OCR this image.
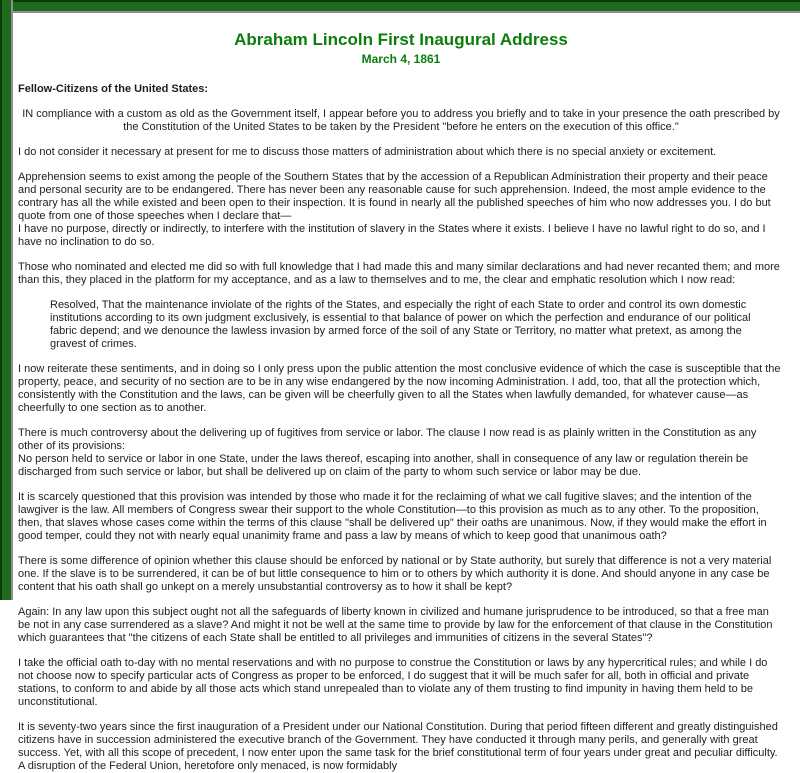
Abraham Lincoln First Inaugural Address
March 4, 1861
Fellow-Citizens of the United States:
IN compliance with a custom as old as the Government itself, I appear before you to address you briefly and to take in your presence the oath prescribed by the Constitution of the United States to be taken by the President "before he enters on the execution of this office."
I do not consider it necessary at present for me to discuss those matters of administration about which there is no special anxiety or excitement.
Apprehension seems to exist among the people of the Southern States that by the accession of a Republican Administration their property and their peace and personal security are to be endangered. There has never been any reasonable cause for such apprehension. Indeed, the most ample evidence to the contrary has all the while existed and been open to their inspection. It is found in nearly all the published speeches of him who now addresses you. I do but quote from one of those speeches when I declare that—
I have no purpose, directly or indirectly, to interfere with the institution of slavery in the States where it exists. I believe I have no lawful right to do so, and I have no inclination to do so.
Those who nominated and elected me did so with full knowledge that I had made this and many similar declarations and had never recanted them; and more than this, they placed in the platform for my acceptance, and as a law to themselves and to me, the clear and emphatic resolution which I now read:
Resolved, That the maintenance inviolate of the rights of the States, and especially the right of each State to order and control its own domestic institutions according to its own judgment exclusively, is essential to that balance of power on which the perfection and endurance of our political fabric depend; and we denounce the lawless invasion by armed force of the soil of any State or Territory, no matter what pretext, as among the gravest of crimes.
I now reiterate these sentiments, and in doing so I only press upon the public attention the most conclusive evidence of which the case is susceptible that the property, peace, and security of no section are to be in any wise endangered by the now incoming Administration. I add, too, that all the protection which, consistently with the Constitution and the laws, can be given will be cheerfully given to all the States when lawfully demanded, for whatever cause—as cheerfully to one section as to another.
There is much controversy about the delivering up of fugitives from service or labor. The clause I now read is as plainly written in the Constitution as any other of its provisions:
No person held to service or labor in one State, under the laws thereof, escaping into another, shall in consequence of any law or regulation therein be discharged from such service or labor, but shall be delivered up on claim of the party to whom such service or labor may be due.
It is scarcely questioned that this provision was intended by those who made it for the reclaiming of what we call fugitive slaves; and the intention of the lawgiver is the law. All members of Congress swear their support to the whole Constitution—to this provision as much as to any other. To the proposition, then, that slaves whose cases come within the terms of this clause "shall be delivered up" their oaths are unanimous. Now, if they would make the effort in good temper, could they not with nearly equal unanimity frame and pass a law by means of which to keep good that unanimous oath?
There is some difference of opinion whether this clause should be enforced by national or by State authority, but surely that difference is not a very material one. If the slave is to be surrendered, it can be of but little consequence to him or to others by which authority it is done. And should anyone in any case be content that his oath shall go unkept on a merely unsubstantial controversy as to how it shall be kept?
Again: In any law upon this subject ought not all the safeguards of liberty known in civilized and humane jurisprudence to be introduced, so that a free man be not in any case surrendered as a slave? And might it not be well at the same time to provide by law for the enforcement of that clause in the Constitution which guarantees that "the citizens of each State shall be entitled to all privileges and immunities of citizens in the several States"?
I take the official oath to-day with no mental reservations and with no purpose to construe the Constitution or laws by any hypercritical rules; and while I do not choose now to specify particular acts of Congress as proper to be enforced, I do suggest that it will be much safer for all, both in official and private stations, to conform to and abide by all those acts which stand unrepealed than to violate any of them trusting to find impunity in having them held to be unconstitutional.
It is seventy-two years since the first inauguration of a President under our National Constitution. During that period fifteen different and greatly distinguished citizens have in succession administered the executive branch of the Government. They have conducted it through many perils, and generally with great success. Yet, with all this scope of precedent, I now enter upon the same task for the brief constitutional term of four years under great and peculiar difficulty. A disruption of the Federal Union, heretofore only menaced, is now formidably
